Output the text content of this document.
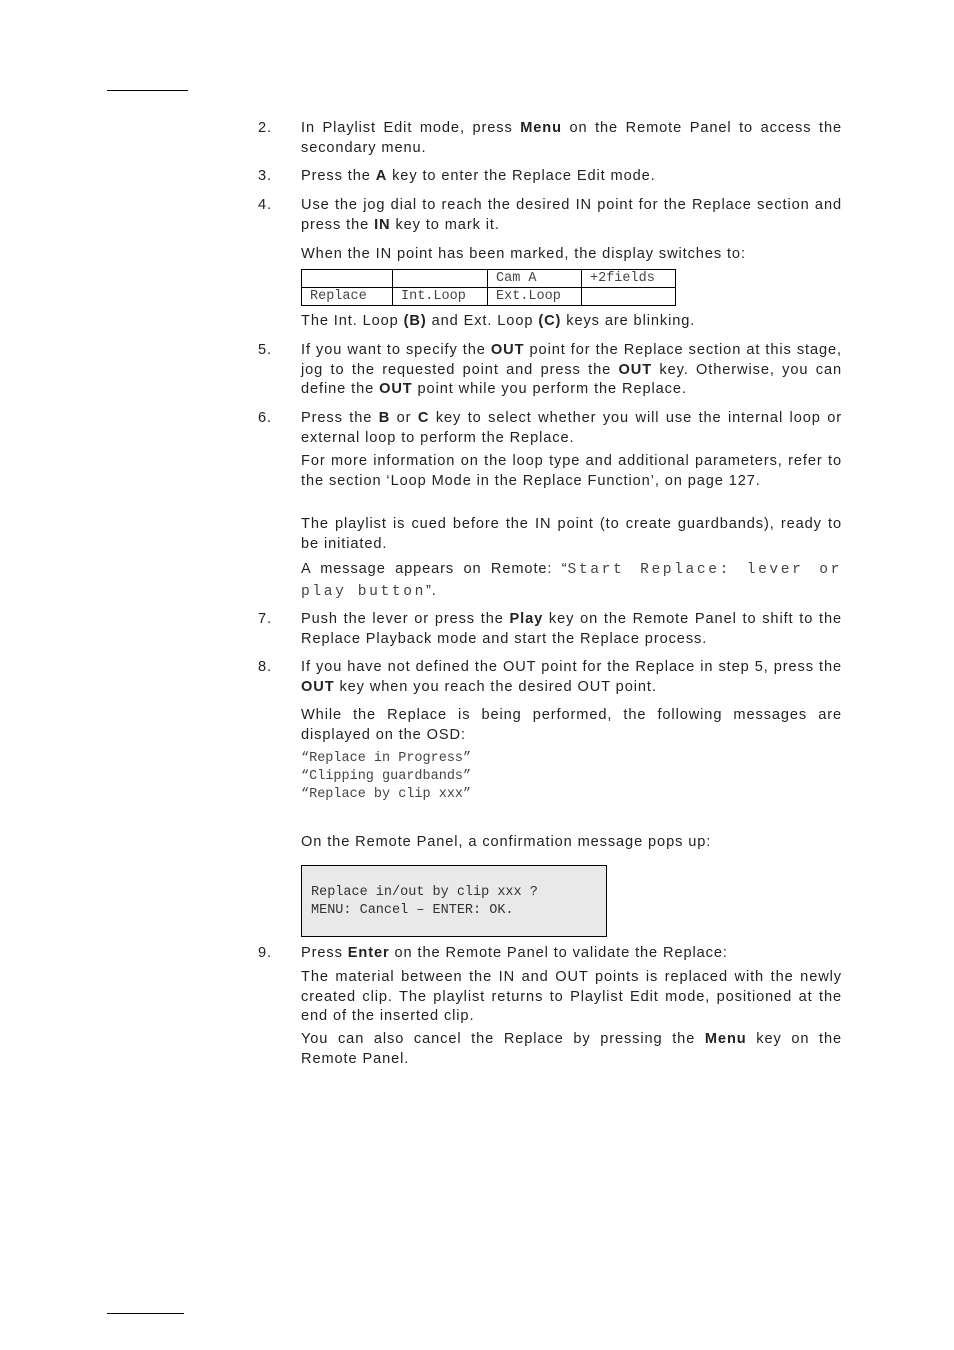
2.	In Playlist Edit mode, press Menu on the Remote Panel to access the secondary menu.
3.	Press the A key to enter the Replace Edit mode.
4.	Use the jog dial to reach the desired IN point for the Replace section and press the IN key to mark it.
When the IN point has been marked, the display switches to:
		Cam A	+2fields
Replace	Int.Loop	Ext.Loop	
The Int. Loop (B) and Ext. Loop (C) keys are blinking.
5.	If you want to specify the OUT point for the Replace section at this stage, jog to the requested point and press the OUT key. Otherwise, you can define the OUT point while you perform the Replace.
6.	Press the B or C key to select whether you will use the internal loop or external loop to perform the Replace.
For more information on the loop type and additional parameters, refer to the section ‘Loop Mode in the Replace Function’, on page 127.
The playlist is cued before the IN point (to create guardbands), ready to be initiated.
A message appears on Remote: “Start Replace: lever or play button”.
7.	Push the lever or press the Play key on the Remote Panel to shift to the Replace Playback mode and start the Replace process.
8.	If you have not defined the OUT point for the Replace in step 5, press the OUT key when you reach the desired OUT point.
While the Replace is being performed, the following messages are displayed on the OSD:
“Replace in Progress”
“Clipping guardbands”
“Replace by clip xxx”
On the Remote Panel, a confirmation message pops up:
Replace in/out by clip xxx ?
MENU: Cancel – ENTER: OK.
9.	Press Enter on the Remote Panel to validate the Replace:
The material between the IN and OUT points is replaced with the newly created clip. The playlist returns to Playlist Edit mode, positioned at the end of the inserted clip.
You can also cancel the Replace by pressing the Menu key on the Remote Panel.
